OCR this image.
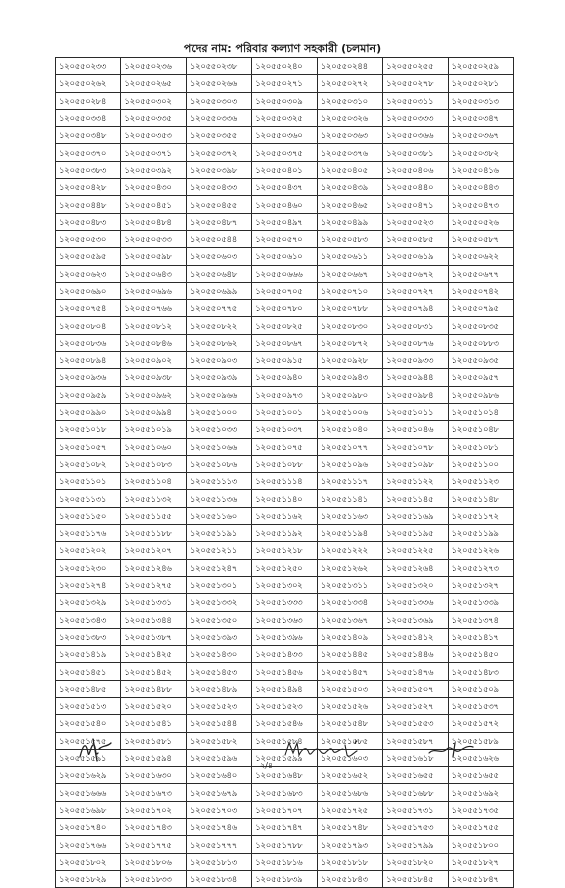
পদের নাম: পরিবার কল্যাণ সহকারী (চলমান)
১২০৫৫০২৩৩	১২০৫৫০২৩৬	১২০৫৫০২৩৮	১২০৫৫০২৪০	১২০৫৫০২৪৪	১২০৫৫০২৫৫	১২০৫৫০২৫৯
১২০৫৫০২৬২	১২০৫৫০২৬৫	১২০৫৫০২৬৬	১২০৫৫০২৭১	১২০৫৫০২৭২	১২০৫৫০২৭৮	১২০৫৫০২৮১
১২০৫৫০২৮৪	১২০৫৫০৩০২	১২০৫৫০৩০৩	১২০৫৫০৩০৯	১২০৫৫০৩১০	১২০৫৫০৩১১	১২০৫৫০৩১৩
১২০৫৫০৩৩৪	১২০৫৫০৩৩৫	১২০৫৫০৩৩৬	১২০৫৫০৩২৫	১২০৫৫০৩২৬	১২০৫৫০৩৩৩	১২০৫৫০৩৪৭
১২০৫৫০৩৪৮	১২০৫৫০৩৫৩	১২০৫৫০৩৫৫	১২০৫৫০৩৬০	১২০৫৫০৩৬৩	১২০৫৫০৩৬৬	১২০৫৫০৩৬৭
১২০৫৫০৩৭০	১২০৫৫০৩৭১	১২০৫৫০৩৭২	১২০৫৫০৩৭৫	১২০৫৫০৩৭৬	১২০৫৫০৩৮১	১২০৫৫০৩৮২
১২০৫৫০৩৮৩	১২০৫৫০৩৯২	১২০৫৫০৩৯৮	১২০৫৫০৪০১	১২০৫৫০৪০৫	১২০৫৫০৪০৬	১২০৫৫০৪১৬
১২০৫৫০৪২৮	১২০৫৫০৪৩০	১২০৫৫০৪৩৩	১২০৫৫০৪৩৭	১২০৫৫০৪৩৯	১২০৫৫০৪৪০	১২০৫৫০৪৪৩
১২০৫৫০৪৪৮	১২০৫৫০৪৫১	১২০৫৫০৪৫৫	১২০৫৫০৪৬০	১২০৫৫০৪৬৫	১২০৫৫০৪৭১	১২০৫৫০৪৭৩
১২০৫৫০৪৮৩	১২০৫৫০৪৮৪	১২০৫৫০৪৮৭	১২০৫৫০৪৯৭	১২০৫৫০৪৯৯	১২০৫৫০৫২৩	১২০৫৫০৫২৬
১২০৫৫০৫৩০	১২০৫৫০৫৩৩	১২০৫৫০৫৪৪	১২০৫৫০৫৭০	১২০৫৫০৫৮৩	১২০৫৫০৫৮৫	১২০৫৫০৫৮৭
১২০৫৫০৫৯৫	১২০৫৫০৫৯৮	১২০৫৫০৬০৩	১২০৫৫০৬১০	১২০৫৫০৬১১	১২০৫৫০৬১৯	১২০৫৫০৬২২
১২০৫৫০৬২৩	১২০৫৫০৬৪৩	১২০৫৫০৬৪৮	১২০৫৫০৬৬৬	১২০৫৫০৬৬৭	১২০৫৫০৬৭২	১২০৫৫০৬৭৭
১২০৫৫০৬৯০	১২০৫৫০৬৯৬	১২০৫৫০৬৯৯	১২০৫৫০৭০৫	১২০৫৫০৭১০	১২০৫৫০৭২৭	১২০৫৫০৭৪২
১২০৫৫০৭৫৪	১২০৫৫০৭৬৬	১২০৫৫০৭৭৫	১২০৫৫০৭৮০	১২০৫৫০৭৮৮	১২০৫৫০৭৯৪	১২০৫৫০৭৯৫
১২০৫৫০৮০৪	১২০৫৫০৮১২	১২০৫৫০৮২২	১২০৫৫০৮২৫	১২০৫৫০৮৩০	১২০৫৫০৮৩১	১২০৫৫০৮৩৫
১২০৫৫০৮৩৬	১২০৫৫০৮৪৬	১২০৫৫০৮৬২	১২০৫৫০৮৬৭	১২০৫৫০৮৭২	১২০৫৫০৮৭৬	১২০৫৫০৮৮৩
১২০৫৫০৮৯৪	১২০৫৫০৯০২	১২০৫৫০৯০৩	১২০৫৫০৯১৫	১২০৫৫০৯২৮	১২০৫৫০৯৩৩	১২০৫৫০৯৩৫
১২০৫৫০৯৩৬	১২০৫৫০৯৩৮	১২০৫৫০৯৩৯	১২০৫৫০৯৪০	১২০৫৫০৯৪৩	১২০৫৫০৯৪৪	১২০৫৫০৯৫৭
১২০৫৫০৯৫৯	১২০৫৫০৯৬২	১২০৫৫০৯৬৬	১২০৫৫০৯৭৩	১২০৫৫০৯৮০	১২০৫৫০৯৮৪	১২০৫৫০৯৮৬
১২০৫৫০৯৯০	১২০৫৫০৯৯৪	১২০৫৫১০০০	১২০৫৫১০০১	১২০৫৫১০০৬	১২০৫৫১০১১	১২০৫৫১০১৪
১২০৫৫১০১৮	১২০৫৫১০১৯	১২০৫৫১০৩৩	১২০৫৫১০৩৭	১২০৫৫১০৪০	১২০৫৫১০৪৬	১২০৫৫১০৪৮
১২০৫৫১০৫৭	১২০৫৫১০৬০	১২০৫৫১০৬৬	১২০৫৫১০৭৫	১২০৫৫১০৭৭	১২০৫৫১০৭৮	১২০৫৫১০৮১
১২০৫৫১০৮২	১২০৫৫১০৮৩	১২০৫৫১০৮৬	১২০৫৫১০৮৮	১২০৫৫১০৯৬	১২০৫৫১০৯৮	১২০৫৫১১০০
১২০৫৫১১০১	১২০৫৫১১০৪	১২০৫৫১১১৩	১২০৫৫১১১৪	১২০৫৫১১১৭	১২০৫৫১১২২	১২০৫৫১১২৩
১২০৫৫১১৩১	১২০৫৫১১৩২	১২০৫৫১১৩৬	১২০৫৫১১৪০	১২০৫৫১১৪১	১২০৫৫১১৪৫	১২০৫৫১১৪৮
১২০৫৫১১৫০	১২০৫৫১১৫৫	১২০৫৫১১৬০	১২০৫৫১১৬২	১২০৫৫১১৬৩	১২০৫৫১১৬৯	১২০৫৫১১৭২
১২০৫৫১১৭৬	১২০৫৫১১৮৮	১২০৫৫১১৯১	১২০৫৫১১৯২	১২০৫৫১১৯৪	১২০৫৫১১৯৫	১২০৫৫১১৯৯
১২০৫৫১২০২	১২০৫৫১২০৭	১২০৫৫১২১১	১২০৫৫১২১৮	১২০৫৫১২২২	১২০৫৫১২২৫	১২০৫৫১২২৬
১২০৫৫১২৩০	১২০৫৫১২৪৬	১২০৫৫১২৪৭	১২০৫৫১২৫০	১২০৫৫১২৬২	১২০৫৫১২৬৪	১২০৫৫১২৭৩
১২০৫৫১২৭৪	১২০৫৫১২৭৫	১২০৫৫১৩০১	১২০৫৫১৩০২	১২০৫৫১৩১১	১২০৫৫১৩২০	১২০৫৫১৩২৭
১২০৫৫১৩২৯	১২০৫৫১৩৩১	১২০৫৫১৩৩২	১২০৫৫১৩৩৩	১২০৫৫১৩৩৪	১২০৫৫১৩৩৬	১২০৫৫১৩৩৯
১২০৫৫১৩৪৩	১২০৫৫১৩৪৪	১২০৫৫১৩৫০	১২০৫৫১৩৬৩	১২০৫৫১৩৬৭	১২০৫৫১৩৬৯	১২০৫৫১৩৭৪
১২০৫৫১৩৮৩	১২০৫৫১৩৮৭	১২০৫৫১৩৯৩	১২০৫৫১৩৯৬	১২০৫৫১৪০৯	১২০৫৫১৪১২	১২০৫৫১৪১৭
১২০৫৫১৪১৯	১২০৫৫১৪২৫	১২০৫৫১৪৩০	১২০৫৫১৪৩৩	১২০৫৫১৪৪৫	১২০৫৫১৪৪৬	১২০৫৫১৪৫০
১২০৫৫১৪৫১	১২০৫৫১৪৫২	১২০৫৫১৪৫৩	১২০৫৫১৪৫৬	১২০৫৫১৪৫৭	১২০৫৫১৪৭৬	১২০৫৫১৪৮৩
১২০৫৫১৪৮৫	১২০৫৫১৪৮৮	১২০৫৫১৪৮৯	১২০৫৫১৪৯৪	১২০৫৫১৫০৩	১২০৫৫১৫০৭	১২০৫৫১৫০৯
১২০৫৫১৫১৩	১২০৫৫১৫২০	১২০৫৫১৫২৩	১২০৫৫১৫২৩	১২০৫৫১৫২৬	১২০৫৫১৫২৭	১২০৫৫১৫৩৭
১২০৫৫১৫৪০	১২০৫৫১৫৪১	১২০৫৫১৫৪৪	১২০৫৫১৫৪৬	১২০৫৫১৫৪৮	১২০৫৫১৫৫৩	১২০৫৫১৫৭২
১২০৫৫১৫৭৫	১২০৫৫১৫৮১	১২০৫৫১৫৮২	১২০৫৫১৫৮৪	১২০৫৫১৫৮৫	১২০৫৫১৫৮৭	১২০৫৫১৫৮৯
১২০৫৫১৫৯১	১২০৫৫১৫৯৪	১২০৫৫১৫৯৬	১২০৫৫১৫৯৯	১২০৫৫১৬০৩	১২০৫৫১৬১৮	১২০৫৫১৬২৬
১২০৫৫১৬২৯	১২০৫৫১৬৩০	১২০৫৫১৬৪০	১২০৫৫১৬৪৮	১২০৫৫১৬৫২	১২০৫৫১৬৫৫	১২০৫৫১৬৫৫
১২০৫৫১৬৬৬	১২০৫৫১৬৭৩	১২০৫৫১৬৭৯	১২০৫৫১৬৮৩	১২০৫৫১৬৮৬	১২০৫৫১৬৮৮	১২০৫৫১৬৯২
১২০৫৫১৬৯৮	১২০৫৫১৭০২	১২০৫৫১৭০৩	১২০৫৫১৭০৭	১২০৫৫১৭২৫	১২০৫৫১৭৩১	১২০৫৫১৭৩৫
১২০৫৫১৭৪০	১২০৫৫১৭৪৩	১২০৫৫১৭৪৬	১২০৫৫১৭৪৭	১২০৫৫১৭৪৮	১২০৫৫১৭৫৩	১২০৫৫১৭৫৫
১২০৫৫১৭৬৬	১২০৫৫১৭৭৫	১২০৫৫১৭৭৭	১২০৫৫১৭৮৮	১২০৫৫১৭৯৩	১২০৫৫১৭৯৯	১২০৫৫১৮০০
১২০৫৫১৮০২	১২০৫৫১৮০৬	১২০৫৫১৮১৩	১২০৫৫১৮১৬	১২০৫৫১৮১৮	১২০৫৫১৮২০	১২০৫৫১৮২৭
১২০৫৫১৮২৯	১২০৫৫১৮৩৩	১২০৫৫১৮৩৪	১২০৫৫১৮৩৯	১২০৫৫১৮৪৩	১২০৫৫১৮৪৫	১২০৫৫১৮৪৭
২/৪
